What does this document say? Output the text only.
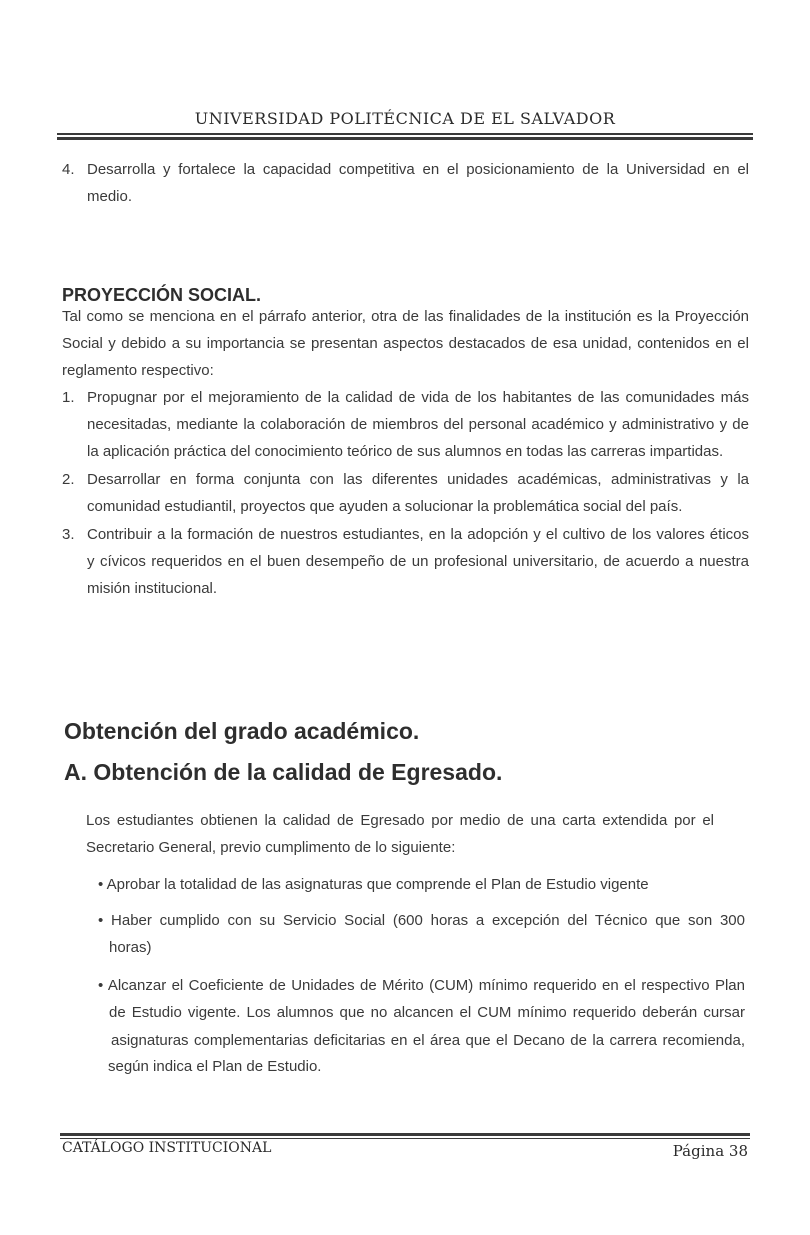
UNIVERSIDAD POLITÉCNICA DE EL SALVADOR
4. Desarrolla y fortalece la capacidad competitiva en el posicionamiento de la Universidad en el
medio.
PROYECCIÓN SOCIAL.
Tal como se menciona en el párrafo anterior, otra de las finalidades de la institución es la Proyección
Social y debido a su importancia se presentan aspectos destacados de esa unidad, contenidos en el
reglamento respectivo:
1. Propugnar por el mejoramiento de la calidad de vida de los habitantes de las comunidades más
necesitadas, mediante la colaboración de miembros del personal académico y administrativo y de
la aplicación práctica del conocimiento teórico de sus alumnos en todas las carreras impartidas.
2. Desarrollar en forma conjunta con las diferentes unidades académicas, administrativas y la
comunidad estudiantil, proyectos que ayuden a solucionar la problemática social del país.
3. Contribuir a la formación de nuestros estudiantes, en la adopción y el cultivo de los valores éticos
y cívicos requeridos en el buen desempeño de un profesional universitario, de acuerdo a nuestra
misión institucional.
Obtención del grado académico.
A. Obtención de la calidad de Egresado.
Los estudiantes obtienen la calidad de Egresado por medio de una carta extendida por el
Secretario General, previo cumplimento de lo siguiente:
• Aprobar la totalidad de las asignaturas que comprende el Plan de Estudio vigente
• Haber cumplido con su Servicio Social (600 horas a excepción del Técnico que son 300
horas)
• Alcanzar el Coeficiente de Unidades de Mérito (CUM) mínimo requerido en el respectivo Plan
de Estudio vigente. Los alumnos que no alcancen el CUM mínimo requerido deberán cursar
asignaturas complementarias deficitarias en el área que el Decano de la carrera recomienda,
según indica el Plan de Estudio.
CATÁLOGO INSTITUCIONAL	Página 38
